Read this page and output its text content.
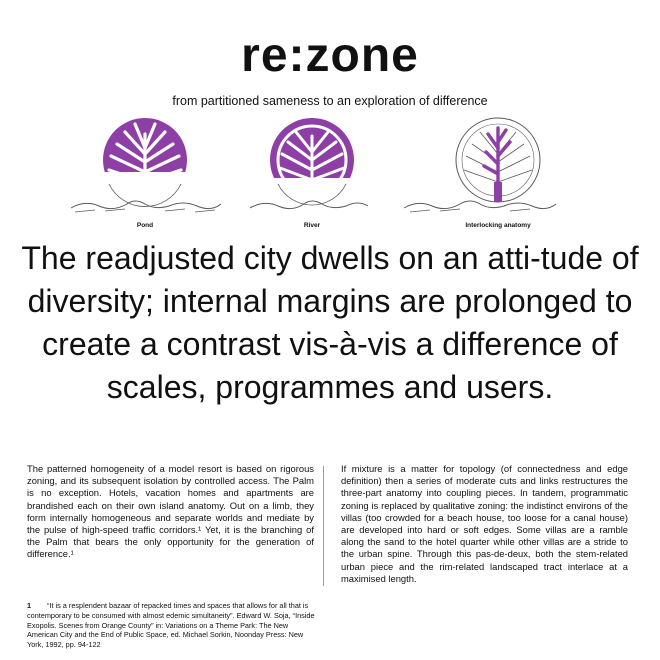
re:zone
from partitioned sameness to an exploration of difference
Pond	River	Interlocking anatomy
The readjusted city dwells on an atti-tude of diversity; internal margins are prolonged to create a contrast vis-à-vis a difference of scales, programmes and users.
The patterned homogeneity of a model resort is based on rigorous zoning, and its subsequent isolation by controlled access. The Palm is no exception. Hotels, vacation homes and apartments are brandished each on their own island anatomy. Out on a limb, they form internally homogeneous and separate worlds and mediate by the pulse of high-speed traffic corridors.¹ Yet, it is the branching of the Palm that bears the only opportunity for the generation of difference.¹
If mixture is a matter for topology (of connectedness and edge definition) then a series of moderate cuts and links restructures the three-part anatomy into coupling pieces. In tandem, programmatic zoning is replaced by qualitative zoning: the indistinct environs of the villas (too crowded for a beach house, too loose for a canal house) are developed into hard or soft edges. Some villas are a ramble along the sand to the hotel quarter while other villas are a stride to the urban spine. Through this pas-de-deux, both the stem-related urban piece and the rim-related landscaped tract interlace at a maximised length.
1 “It is a resplendent bazaar of repacked times and spaces that allows for all that is contemporary to be consumed with almost edemic simultaneity”. Edward W. Soja, “Inside Exopolis. Scenes from Orange County” in: Variations on a Theme Park: The New American City and the End of Public Space, ed. Michael Sorkin, Noonday Press: New York, 1992, pp. 94-122
